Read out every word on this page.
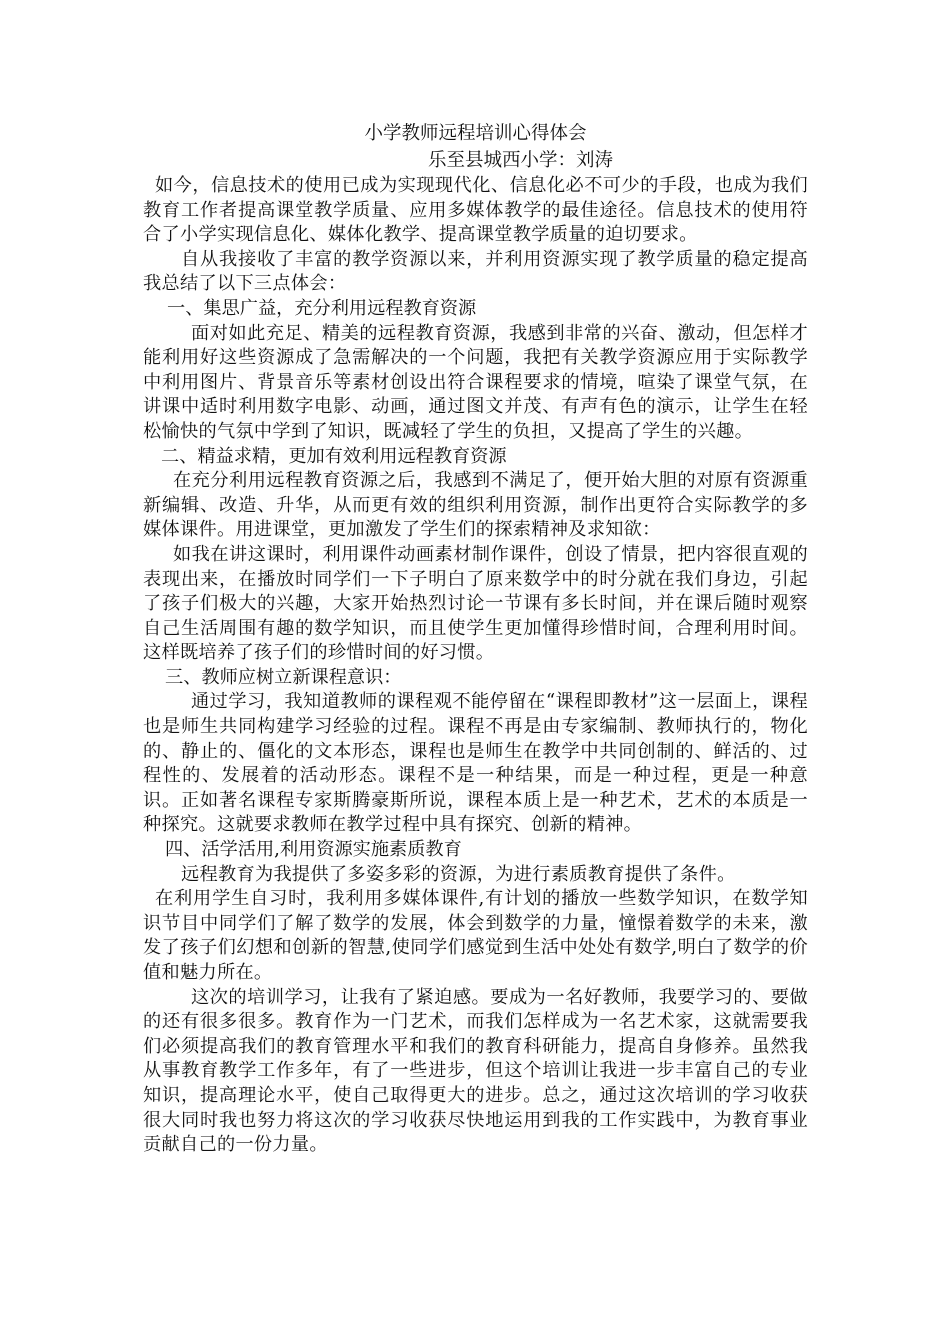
小学教师远程培训心得体会

乐至县城西小学：刘涛

如今，信息技术的使用已成为实现现代化、信息化必不可少的手段，也成为我们教育工作者提高课堂教学质量、应用多媒体教学的最佳途径。信息技术的使用符合了小学实现信息化、媒体化教学、提高课堂教学质量的迫切要求。

自从我接收了丰富的教学资源以来，并利用资源实现了教学质量的稳定提高我总结了以下三点体会：

一、集思广益，充分利用远程教育资源

面对如此充足、精美的远程教育资源，我感到非常的兴奋、激动，但怎样才能利用好这些资源成了急需解决的一个问题，我把有关教学资源应用于实际教学中利用图片、背景音乐等素材创设出符合课程要求的情境，喧染了课堂气氛，在讲课中适时利用数字电影、动画，通过图文并茂、有声有色的演示，让学生在轻松愉快的气氛中学到了知识，既减轻了学生的负担，又提高了学生的兴趣。

二、精益求精，更加有效利用远程教育资源

在充分利用远程教育资源之后，我感到不满足了，便开始大胆的对原有资源重新编辑、改造、升华，从而更有效的组织利用资源，制作出更符合实际教学的多媒体课件。用进课堂，更加激发了学生们的探索精神及求知欲：

如我在讲这课时，利用课件动画素材制作课件，创设了情景，把内容很直观的表现出来，在播放时同学们一下子明白了原来数学中的时分就在我们身边，引起了孩子们极大的兴趣，大家开始热烈讨论一节课有多长时间，并在课后随时观察自己生活周围有趣的数学知识，而且使学生更加懂得珍惜时间，合理利用时间。这样既培养了孩子们的珍惜时间的好习惯。

三、教师应树立新课程意识：

通过学习，我知道教师的课程观不能停留在“课程即教材”这一层面上，课程也是师生共同构建学习经验的过程。课程不再是由专家编制、教师执行的，物化的、静止的、僵化的文本形态，课程也是师生在教学中共同创制的、鲜活的、过程性的、发展着的活动形态。课程不是一种结果，而是一种过程，更是一种意识。正如著名课程专家斯腾豪斯所说，课程本质上是一种艺术，艺术的本质是一种探究。这就要求教师在教学过程中具有探究、创新的精神。

四、活学活用,利用资源实施素质教育

远程教育为我提供了多姿多彩的资源，为进行素质教育提供了条件。

在利用学生自习时，我利用多媒体课件,有计划的播放一些数学知识，在数学知识节目中同学们了解了数学的发展，体会到数学的力量，憧憬着数学的未来，激发了孩子们幻想和创新的智慧,使同学们感觉到生活中处处有数学,明白了数学的价值和魅力所在。

这次的培训学习，让我有了紧迫感。要成为一名好教师，我要学习的、要做的还有很多很多。教育作为一门艺术，而我们怎样成为一名艺术家，这就需要我们必须提高我们的教育管理水平和我们的教育科研能力，提高自身修养。虽然我从事教育教学工作多年，有了一些进步，但这个培训让我进一步丰富自己的专业知识，提高理论水平，使自己取得更大的进步。总之，通过这次培训的学习收获很大同时我也努力将这次的学习收获尽快地运用到我的工作实践中，为教育事业贡献自己的一份力量。
